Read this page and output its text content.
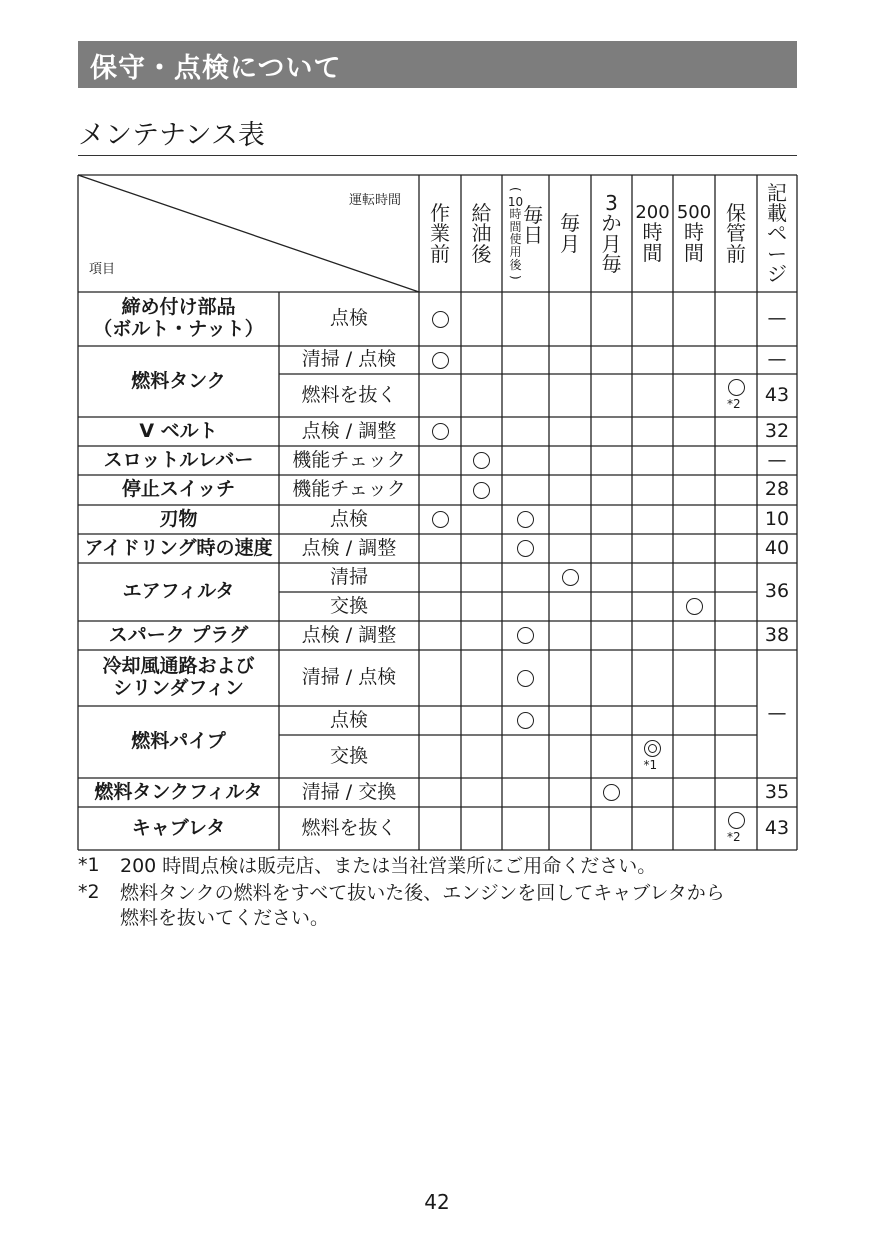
保守・点検について
メンテナンス表
運転時間
項目
作
業
前
給
油
後
(
10
時
間
使
用
後
)
毎
日
毎
月
3
か
月
毎
200
時
間
500
時
間
保
管
前
記
載
ペ
ー
ジ
締め付け部品
（ボルト・ナット）
燃料タンク
V ベルト
スロットルレバー
停止スイッチ
刃物
アイドリング時の速度
エアフィルタ
スパーク プラグ
冷却風通路および
シリンダフィン
燃料パイプ
燃料タンクフィルタ
キャブレタ
点検
清掃 / 点検
燃料を抜く
点検 / 調整
機能チェック
機能チェック
点検
点検 / 調整
清掃
交換
点検 / 調整
清掃 / 点検
点検
交換
清掃 / 交換
燃料を抜く
—
—
43
32
—
28
10
40
36
38
—
35
43
*2
*1
*2
*1 200 時間点検は販売店、または当社営業所にご用命ください。
*2 燃料タンクの燃料をすべて抜いた後、エンジンを回してキャブレタから
燃料を抜いてください。
42
